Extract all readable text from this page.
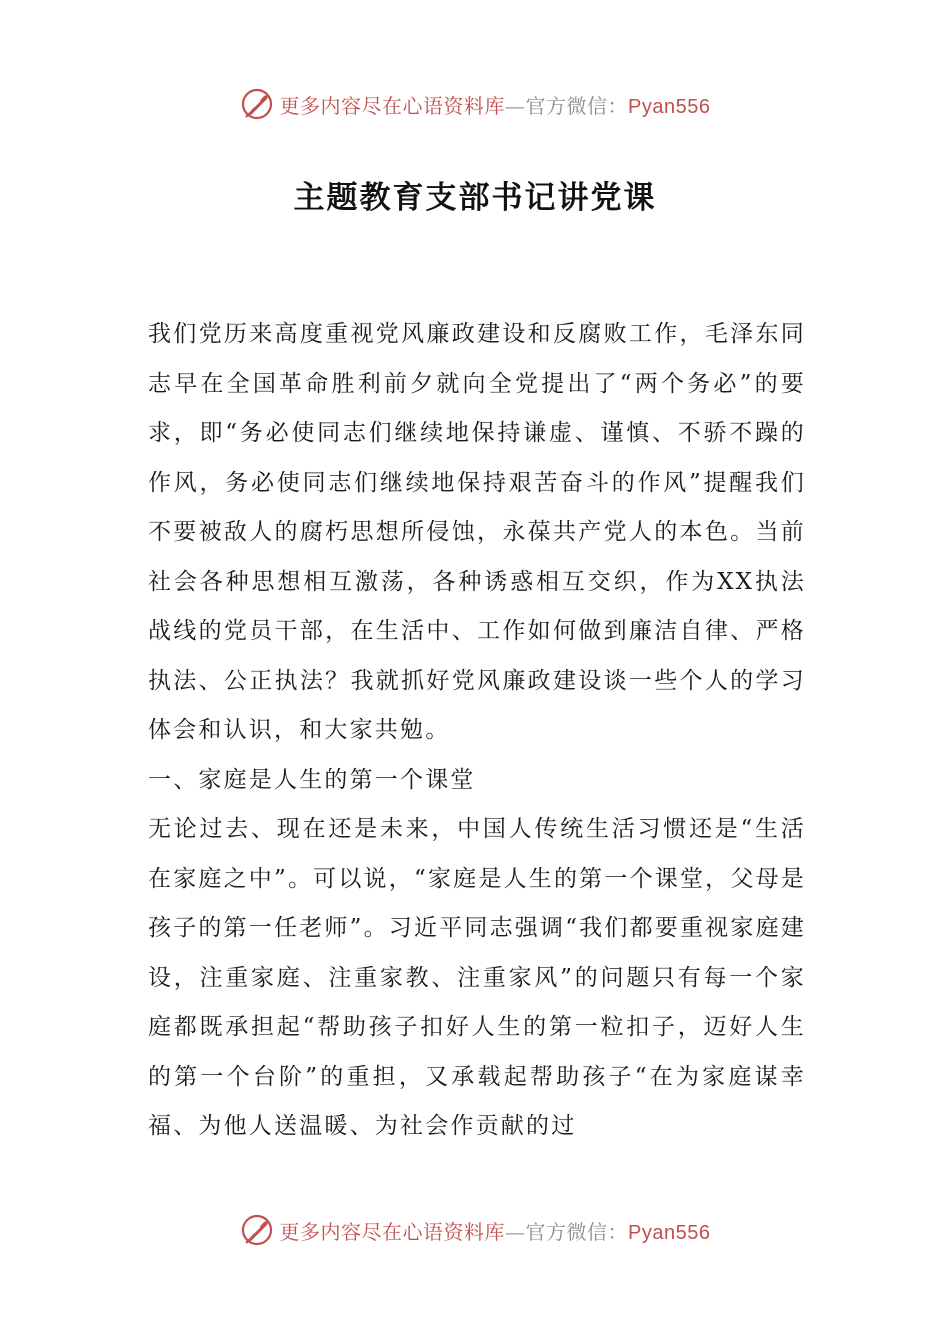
更多内容尽在心语资料库—官方微信：Pyan556
主题教育支部书记讲党课

我们党历来高度重视党风廉政建设和反腐败工作，毛泽东同志早在全国革命胜利前夕就向全党提出了“两个务必”的要求，即“务必使同志们继续地保持谦虚、谨慎、不骄不躁的作风，务必使同志们继续地保持艰苦奋斗的作风”提醒我们不要被敌人的腐朽思想所侵蚀，永葆共产党人的本色。当前社会各种思想相互激荡，各种诱惑相互交织，作为XX执法战线的党员干部，在生活中、工作如何做到廉洁自律、严格执法、公正执法？我就抓好党风廉政建设谈一些个人的学习体会和认识，和大家共勉。

一、家庭是人生的第一个课堂

无论过去、现在还是未来，中国人传统生活习惯还是“生活在家庭之中”。可以说，“家庭是人生的第一个课堂，父母是孩子的第一任老师”。习近平同志强调“我们都要重视家庭建设，注重家庭、注重家教、注重家风”的问题只有每一个家庭都既承担起“帮助孩子扣好人生的第一粒扣子，迈好人生的第一个台阶”的重担，又承载起帮助孩子“在为家庭谋幸福、为他人送温暖、为社会作贡献的过

更多内容尽在心语资料库—官方微信：Pyan556
